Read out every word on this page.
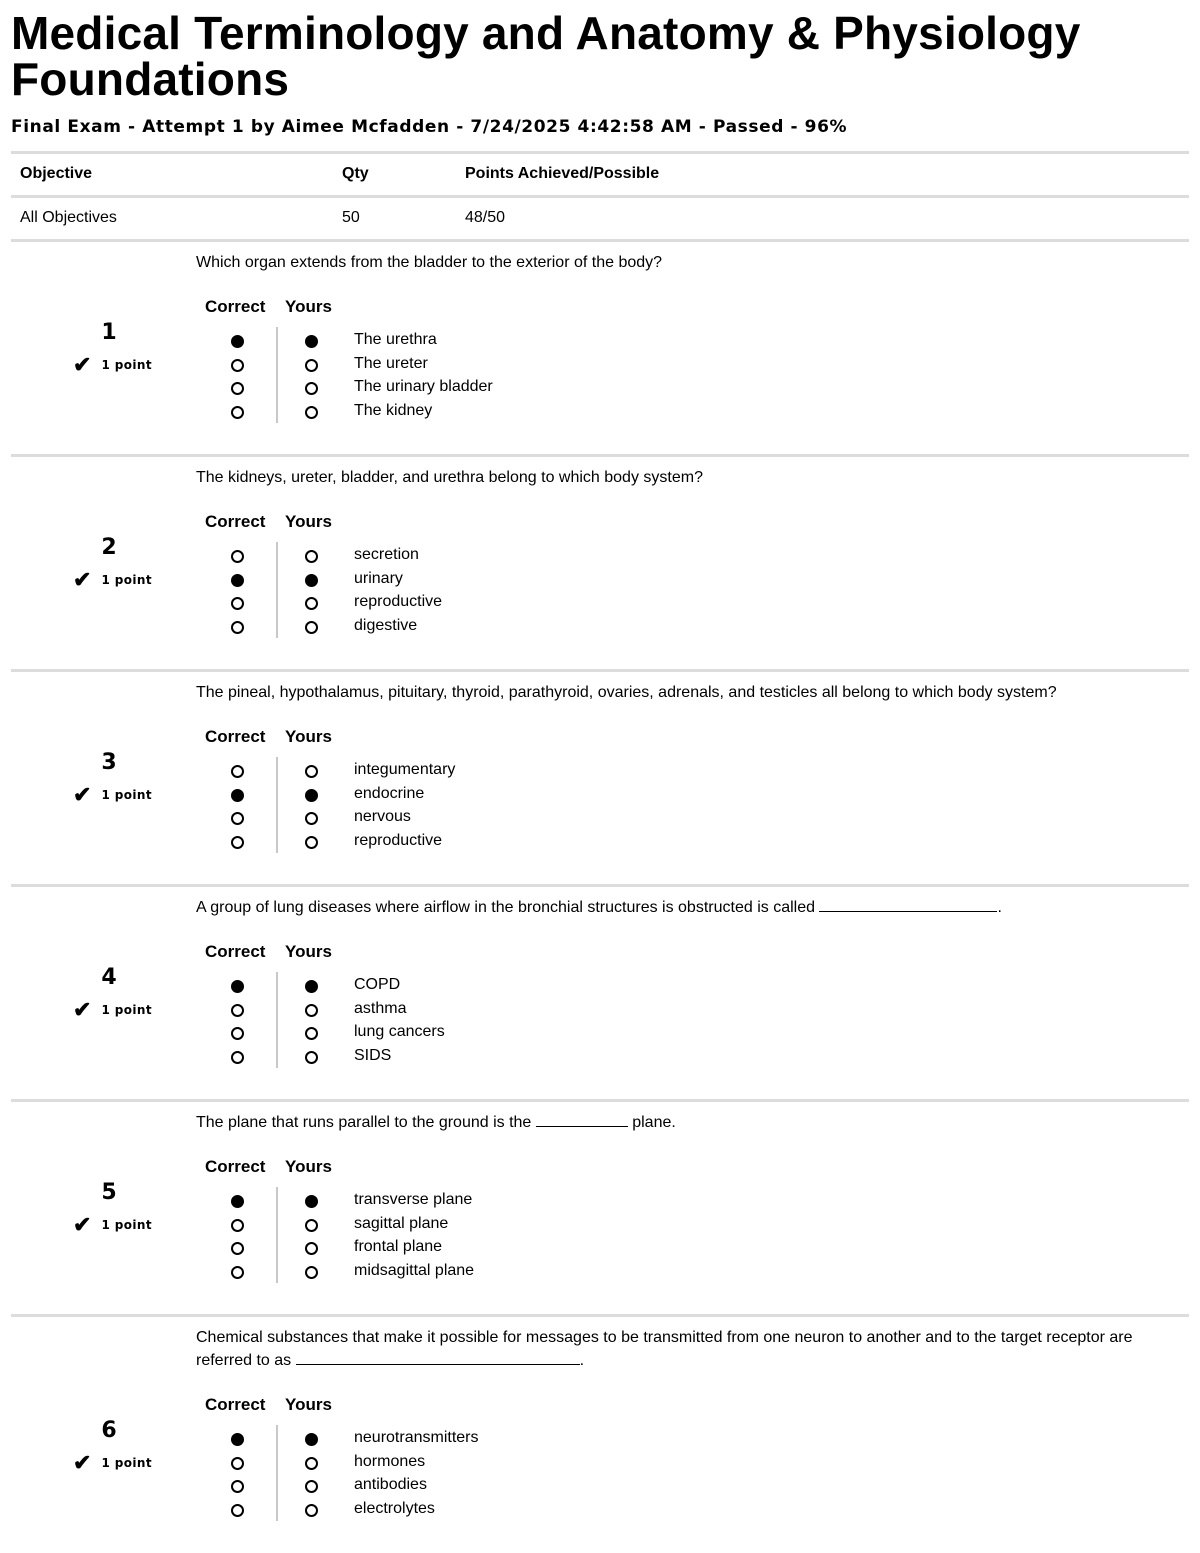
Medical Terminology and Anatomy & Physiology Foundations
Final Exam - Attempt 1 by Aimee Mcfadden - 7/24/2025 4:42:58 AM - Passed - 96%
Objective	Qty	Points Achieved/Possible
All Objectives	50	48/50
Which organ extends from the bladder to the exterior of the body?
1
✔ 1 point
Correct Yours
The urethra
The ureter
The urinary bladder
The kidney
The kidneys, ureter, bladder, and urethra belong to which body system?
2
✔ 1 point
Correct Yours
secretion
urinary
reproductive
digestive
The pineal, hypothalamus, pituitary, thyroid, parathyroid, ovaries, adrenals, and testicles all belong to which body system?
3
✔ 1 point
Correct Yours
integumentary
endocrine
nervous
reproductive
A group of lung diseases where airflow in the bronchial structures is obstructed is called	.
4
✔ 1 point
Correct Yours
COPD
asthma
lung cancers
SIDS
The plane that runs parallel to the ground is the	plane.
5
✔ 1 point
Correct Yours
transverse plane
sagittal plane
frontal plane
midsagittal plane
Chemical substances that make it possible for messages to be transmitted from one neuron to another and to the target receptor are referred to as	.
6
✔ 1 point
Correct Yours
neurotransmitters
hormones
antibodies
electrolytes
